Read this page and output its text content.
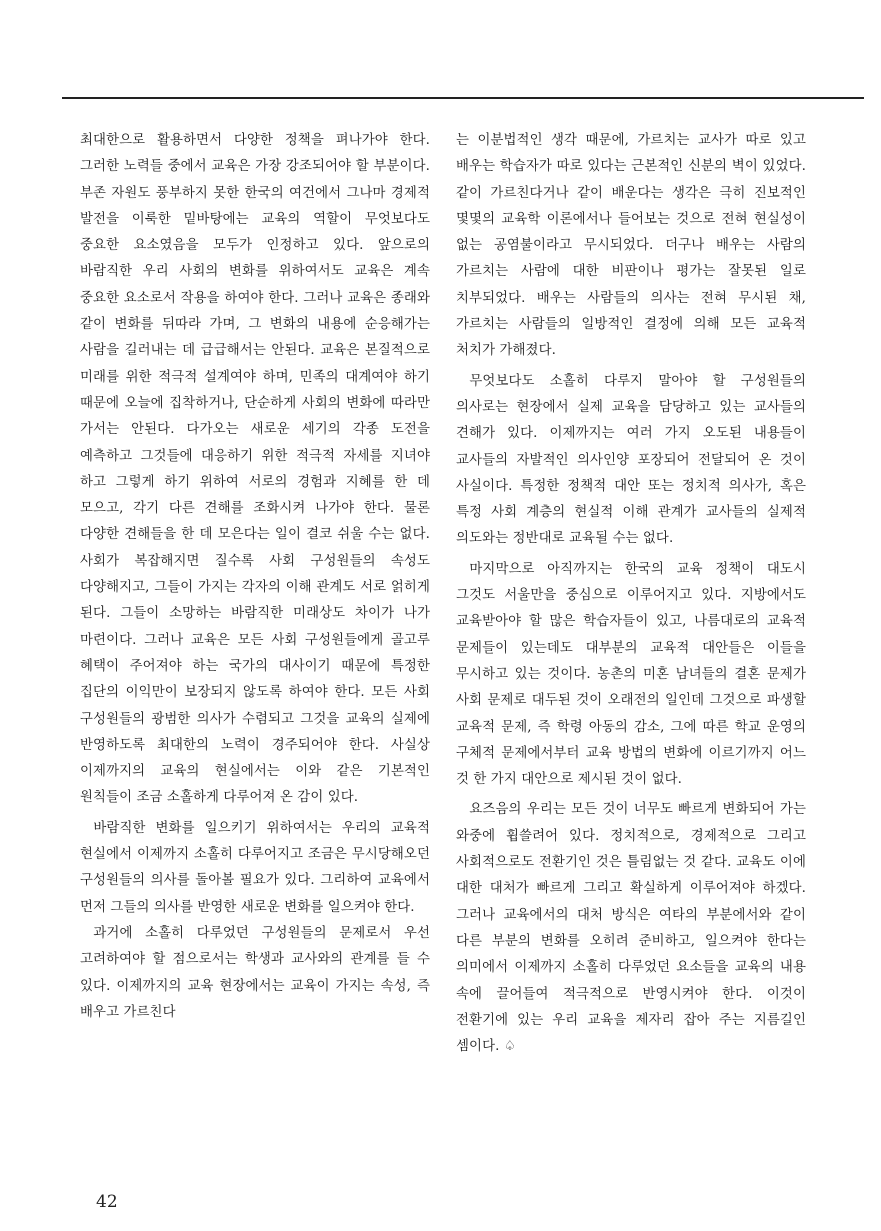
최대한으로 활용하면서 다양한 정책을 펴나가야 한다. 그러한 노력들 중에서 교육은 가장 강조되어야 할 부분이다. 부존 자원도 풍부하지 못한 한국의 여건에서 그나마 경제적 발전을 이룩한 밑바탕에는 교육의 역할이 무엇보다도 중요한 요소였음을 모두가 인정하고 있다. 앞으로의 바람직한 우리 사회의 변화를 위하여서도 교육은 계속 중요한 요소로서 작용을 하여야 한다. 그러나 교육은 종래와 같이 변화를 뒤따라 가며, 그 변화의 내용에 순응해가는 사람을 길러내는 데 급급해서는 안된다. 교육은 본질적으로 미래를 위한 적극적 설계여야 하며, 민족의 대계여야 하기 때문에 오늘에 집착하거나, 단순하게 사회의 변화에 따라만 가서는 안된다. 다가오는 새로운 세기의 각종 도전을 예측하고 그것들에 대응하기 위한 적극적 자세를 지녀야 하고 그렇게 하기 위하여 서로의 경험과 지혜를 한 데 모으고, 각기 다른 견해를 조화시켜 나가야 한다. 물론 다양한 견해들을 한 데 모은다는 일이 결코 쉬울 수는 없다. 사회가 복잡해지면 질수록 사회 구성원들의 속성도 다양해지고, 그들이 가지는 각자의 이해 관계도 서로 얽히게 된다. 그들이 소망하는 바람직한 미래상도 차이가 나가 마련이다. 그러나 교육은 모든 사회 구성원들에게 골고루 혜택이 주어져야 하는 국가의 대사이기 때문에 특정한 집단의 이익만이 보장되지 않도록 하여야 한다. 모든 사회 구성원들의 광범한 의사가 수렴되고 그것을 교육의 실제에 반영하도록 최대한의 노력이 경주되어야 한다. 사실상 이제까지의 교육의 현실에서는 이와 같은 기본적인 원칙들이 조금 소홀하게 다루어져 온 감이 있다.

바람직한 변화를 일으키기 위하여서는 우리의 교육적 현실에서 이제까지 소홀히 다루어지고 조금은 무시당해오던 구성원들의 의사를 돌아볼 필요가 있다. 그리하여 교육에서 먼저 그들의 의사를 반영한 새로운 변화를 일으켜야 한다.

과거에 소홀히 다루었던 구성원들의 문제로서 우선 고려하여야 할 점으로서는 학생과 교사와의 관계를 들 수 있다. 이제까지의 교육 현장에서는 교육이 가지는 속성, 즉 배우고 가르친다

는 이분법적인 생각 때문에, 가르치는 교사가 따로 있고 배우는 학습자가 따로 있다는 근본적인 신분의 벽이 있었다. 같이 가르친다거나 같이 배운다는 생각은 극히 진보적인 몇몇의 교육학 이론에서나 들어보는 것으로 전혀 현실성이 없는 공염불이라고 무시되었다. 더구나 배우는 사람의 가르치는 사람에 대한 비판이나 평가는 잘못된 일로 치부되었다. 배우는 사람들의 의사는 전혀 무시된 채, 가르치는 사람들의 일방적인 결정에 의해 모든 교육적 처치가 가해졌다.

무엇보다도 소홀히 다루지 말아야 할 구성원들의 의사로는 현장에서 실제 교육을 담당하고 있는 교사들의 견해가 있다. 이제까지는 여러 가지 오도된 내용들이 교사들의 자발적인 의사인양 포장되어 전달되어 온 것이 사실이다. 특정한 정책적 대안 또는 정치적 의사가, 혹은 특정 사회 계층의 현실적 이해 관계가 교사들의 실제적 의도와는 정반대로 교육될 수는 없다.

마지막으로 아직까지는 한국의 교육 정책이 대도시 그것도 서울만을 중심으로 이루어지고 있다. 지방에서도 교육받아야 할 많은 학습자들이 있고, 나름대로의 교육적 문제들이 있는데도 대부분의 교육적 대안들은 이들을 무시하고 있는 것이다. 농촌의 미혼 남녀들의 결혼 문제가 사회 문제로 대두된 것이 오래전의 일인데 그것으로 파생할 교육적 문제, 즉 학령 아동의 감소, 그에 따른 학교 운영의 구체적 문제에서부터 교육 방법의 변화에 이르기까지 어느 것 한 가지 대안으로 제시된 것이 없다.

요즈음의 우리는 모든 것이 너무도 빠르게 변화되어 가는 와중에 휩쓸려어 있다. 정치적으로, 경제적으로 그리고 사회적으로도 전환기인 것은 틀림없는 것 같다. 교육도 이에 대한 대처가 빠르게 그리고 확실하게 이루어져야 하겠다. 그러나 교육에서의 대처 방식은 여타의 부분에서와 같이 다른 부분의 변화를 오히려 준비하고, 일으켜야 한다는 의미에서 이제까지 소홀히 다루었던 요소들을 교육의 내용 속에 끌어들여 적극적으로 반영시켜야 한다. 이것이 전환기에 있는 우리 교육을 제자리 잡아 주는 지름길인 셈이다. ♤

42
